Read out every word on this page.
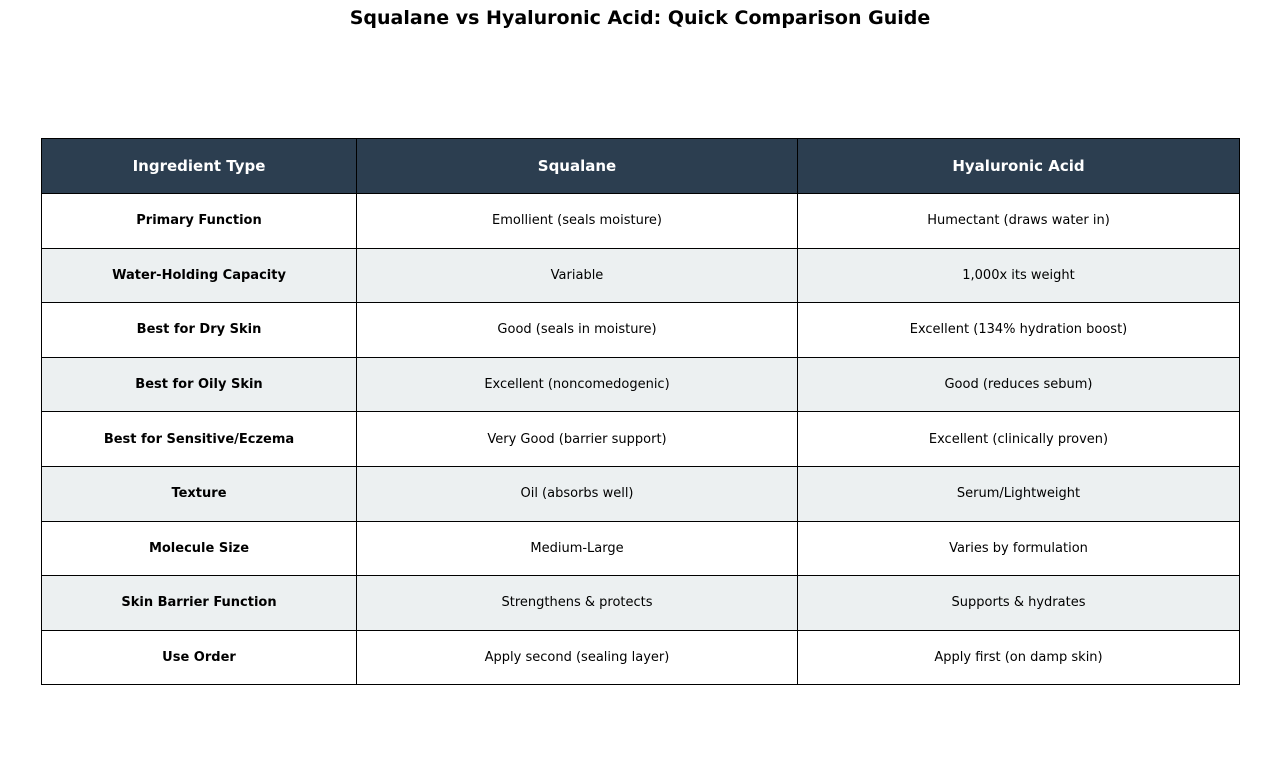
Squalane vs Hyaluronic Acid: Quick Comparison Guide
Ingredient Type	Squalane	Hyaluronic Acid
Primary Function	Emollient (seals moisture)	Humectant (draws water in)
Water-Holding Capacity	Variable	1,000x its weight
Best for Dry Skin	Good (seals in moisture)	Excellent (134% hydration boost)
Best for Oily Skin	Excellent (noncomedogenic)	Good (reduces sebum)
Best for Sensitive/Eczema	Very Good (barrier support)	Excellent (clinically proven)
Texture	Oil (absorbs well)	Serum/Lightweight
Molecule Size	Medium-Large	Varies by formulation
Skin Barrier Function	Strengthens & protects	Supports & hydrates
Use Order	Apply second (sealing layer)	Apply first (on damp skin)
